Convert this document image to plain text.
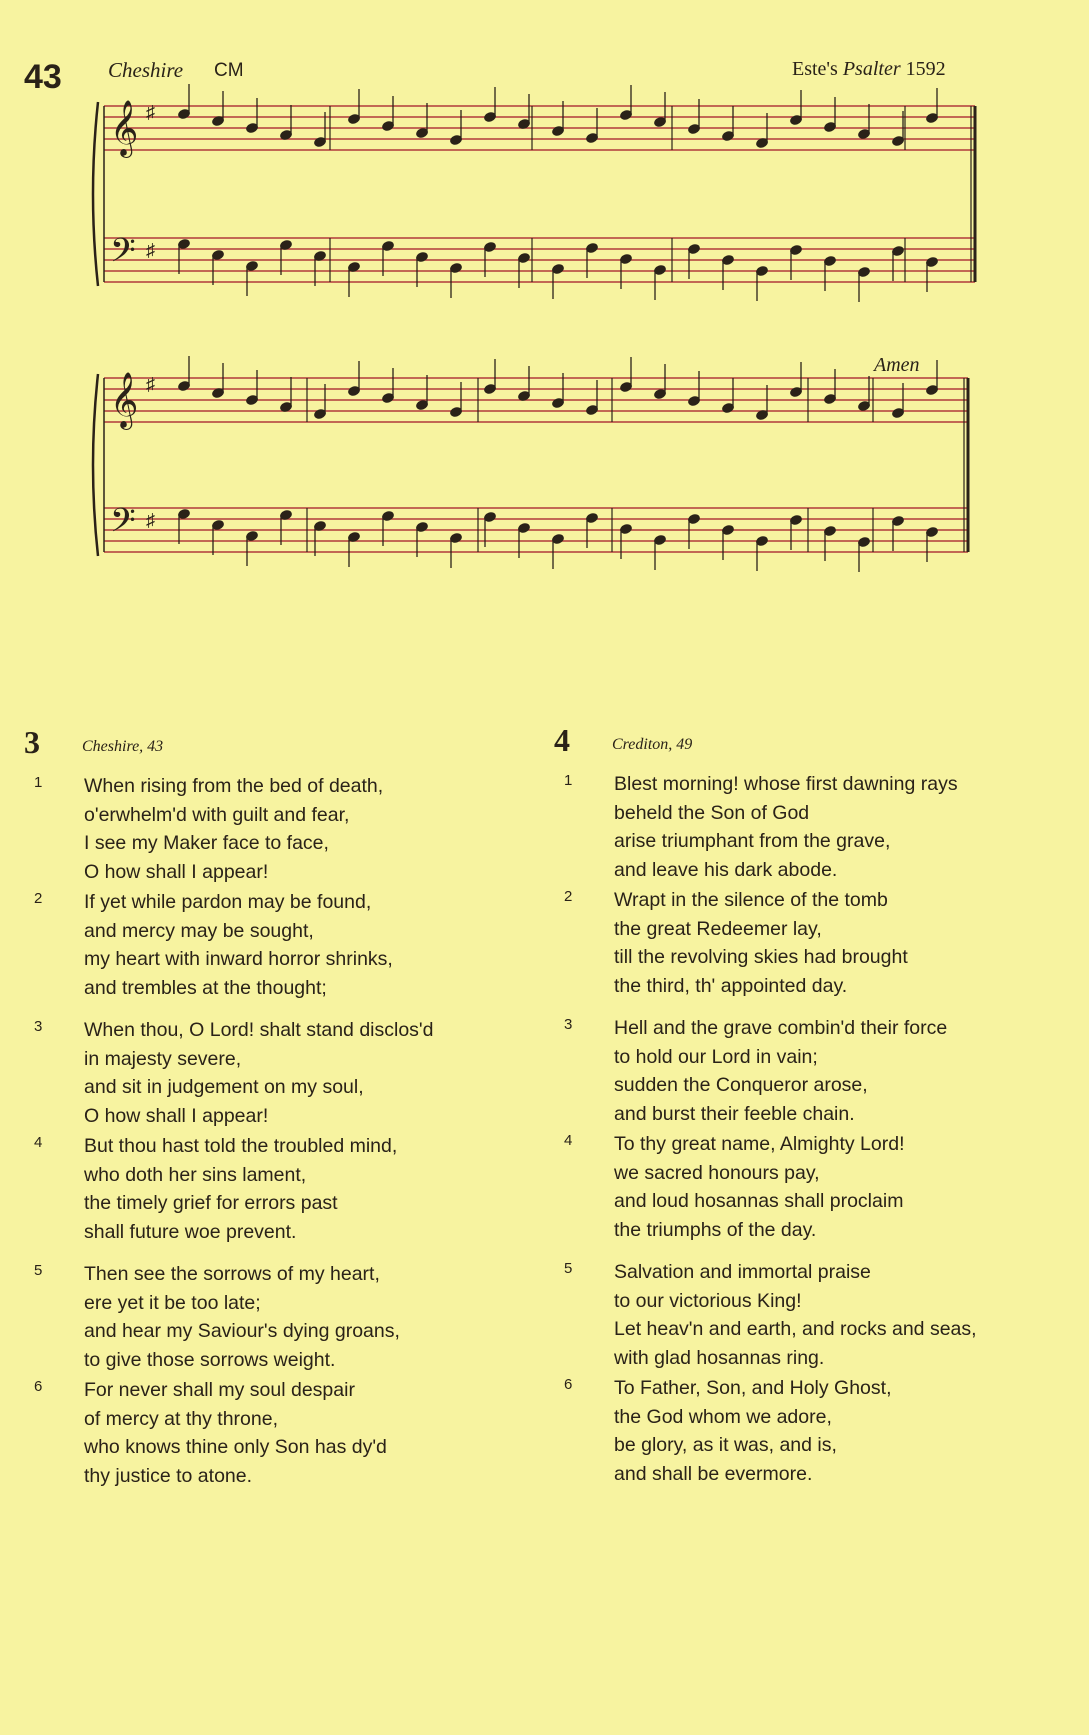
43 Cheshire CM	Este's Psalter 1592
Amen
𝄞 ♯
𝄢 ♯
𝄞 ♯
𝄢 ♯
3	Cheshire, 43
1 When rising from the bed of death,
o'erwhelm'd with guilt and fear,
I see my Maker face to face,
O how shall I appear!
2 If yet while pardon may be found,
and mercy may be sought,
my heart with inward horror shrinks,
and trembles at the thought;
3 When thou, O Lord! shalt stand disclos'd
in majesty severe,
and sit in judgement on my soul,
O how shall I appear!
4 But thou hast told the troubled mind,
who doth her sins lament,
the timely grief for errors past
shall future woe prevent.
5 Then see the sorrows of my heart,
ere yet it be too late;
and hear my Saviour's dying groans,
to give those sorrows weight.
6 For never shall my soul despair
of mercy at thy throne,
who knows thine only Son has dy'd
thy justice to atone.
4	Crediton, 49
1 Blest morning! whose first dawning rays
beheld the Son of God
arise triumphant from the grave,
and leave his dark abode.
2 Wrapt in the silence of the tomb
the great Redeemer lay,
till the revolving skies had brought
the third, th' appointed day.
3 Hell and the grave combin'd their force
to hold our Lord in vain;
sudden the Conqueror arose,
and burst their feeble chain.
4 To thy great name, Almighty Lord!
we sacred honours pay,
and loud hosannas shall proclaim
the triumphs of the day.
5 Salvation and immortal praise
to our victorious King!
Let heav'n and earth, and rocks and seas,
with glad hosannas ring.
6 To Father, Son, and Holy Ghost,
the God whom we adore,
be glory, as it was, and is,
and shall be evermore.
